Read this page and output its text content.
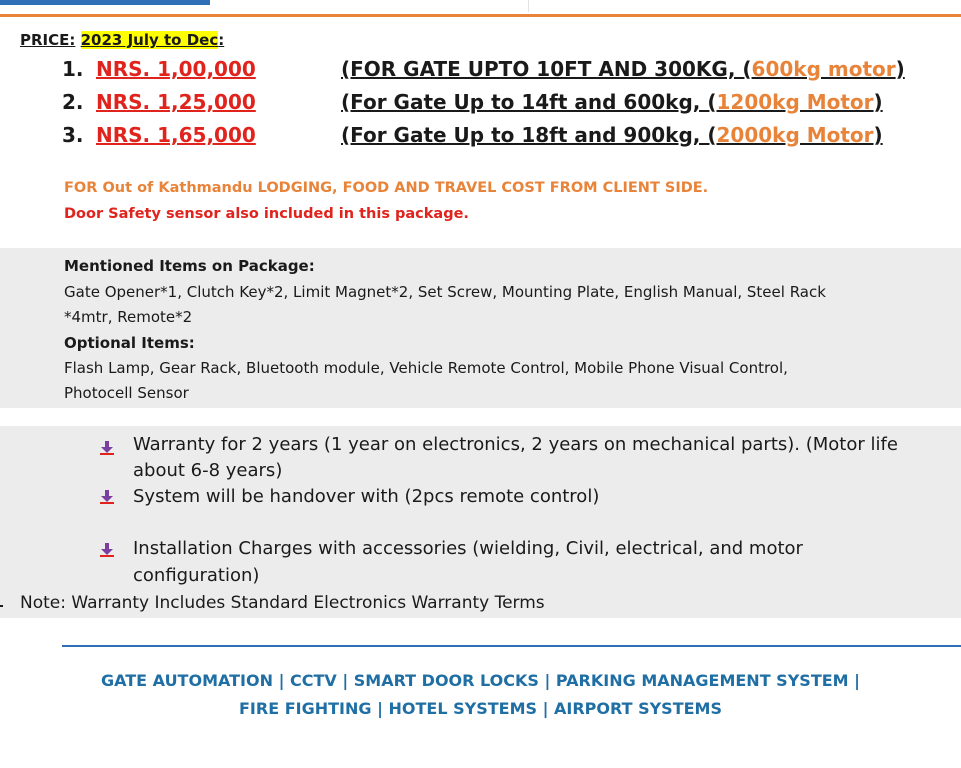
PRICE: 2023 July to Dec:
1. NRS. 1,00,000	(FOR GATE UPTO 10FT AND 300KG, (600kg motor)
2. NRS. 1,25,000	(For Gate Up to 14ft and 600kg, (1200kg Motor)
3. NRS. 1,65,000	(For Gate Up to 18ft and 900kg, (2000kg Motor)
FOR Out of Kathmandu LODGING, FOOD AND TRAVEL COST FROM CLIENT SIDE.
Door Safety sensor also included in this package.
Mentioned Items on Package:
Gate Opener*1, Clutch Key*2, Limit Magnet*2, Set Screw, Mounting Plate, English Manual, Steel Rack
*4mtr, Remote*2
Optional Items:
Flash Lamp, Gear Rack, Bluetooth module, Vehicle Remote Control, Mobile Phone Visual Control,
Photocell Sensor
Warranty for 2 years (1 year on electronics, 2 years on mechanical parts). (Motor life
about 6-8 years)
System will be handover with (2pcs remote control)
Installation Charges with accessories (wielding, Civil, electrical, and motor
configuration)
Note: Warranty Includes Standard Electronics Warranty Terms
GATE AUTOMATION | CCTV | SMART DOOR LOCKS | PARKING MANAGEMENT SYSTEM |
FIRE FIGHTING | HOTEL SYSTEMS | AIRPORT SYSTEMS
